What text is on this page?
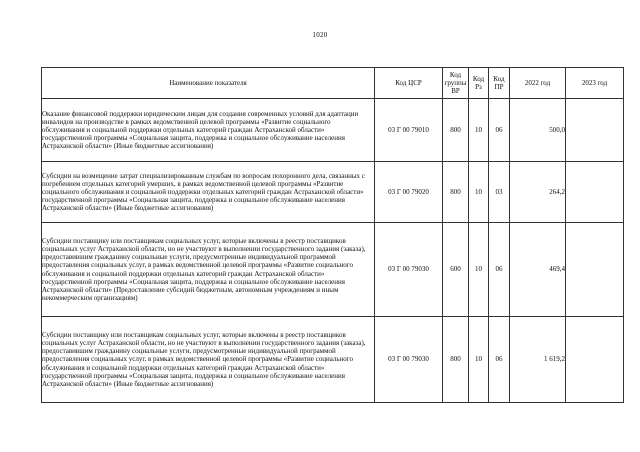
1020
Наименование показателя	Код ЦСР	Код группы ВР	Код Рз	Код ПР	2022 год	2023 год
Оказание финансовой поддержки юридическим лицам для создания современных условий для адаптации инвалидов на производстве в рамках ведомственной целевой программы «Развитие социального обслуживания и социальной поддержки отдельных категорий граждан Астраханской области» государственной программы «Социальная защита, поддержка и социальное обслуживание населения Астраханской области» (Иные бюджетные ассигнования)	03 Г 00 79010	800	10	06	500,0	
Субсидии на возмещение затрат специализированным службам по вопросам похоронного дела, связанных с погребением отдельных категорий умерших, в рамках ведомственной целевой программы «Развитие социального обслуживания и социальной поддержки отдельных категорий граждан Астраханской области» государственной программы «Социальная защита, поддержка и социальное обслуживание населения Астраханской области» (Иные бюджетные ассигнования)	03 Г 00 79020	800	10	03	264,2	
Субсидии поставщику или поставщикам социальных услуг, которые включены в реестр поставщиков социальных услуг Астраханской области, но не участвуют в выполнении государственного задания (заказа), предоставившим гражданину социальные услуги, предусмотренные индивидуальной программой предоставления социальных услуг, в рамках ведомственной целевой программы «Развитие социального обслуживания и социальной поддержки отдельных категорий граждан Астраханской области» государственной программы «Социальная защита, поддержка и социальное обслуживание населения Астраханской области» (Предоставление субсидий бюджетным, автономным учреждениям и иным некоммерческим организациям)	03 Г 00 79030	600	10	06	469,4	
Субсидии поставщику или поставщикам социальных услуг, которые включены в реестр поставщиков социальных услуг Астраханской области, но не участвуют в выполнении государственного задания (заказа), предоставившим гражданину социальные услуги, предусмотренные индивидуальной программой предоставления социальных услуг, в рамках ведомственной целевой программы «Развитие социального обслуживания и социальной поддержки отдельных категорий граждан Астраханской области» государственной программы «Социальная защита, поддержка и социальное обслуживание населения Астраханской области» (Иные бюджетные ассигнования)	03 Г 00 79030	800	10	06	1 619,2	
